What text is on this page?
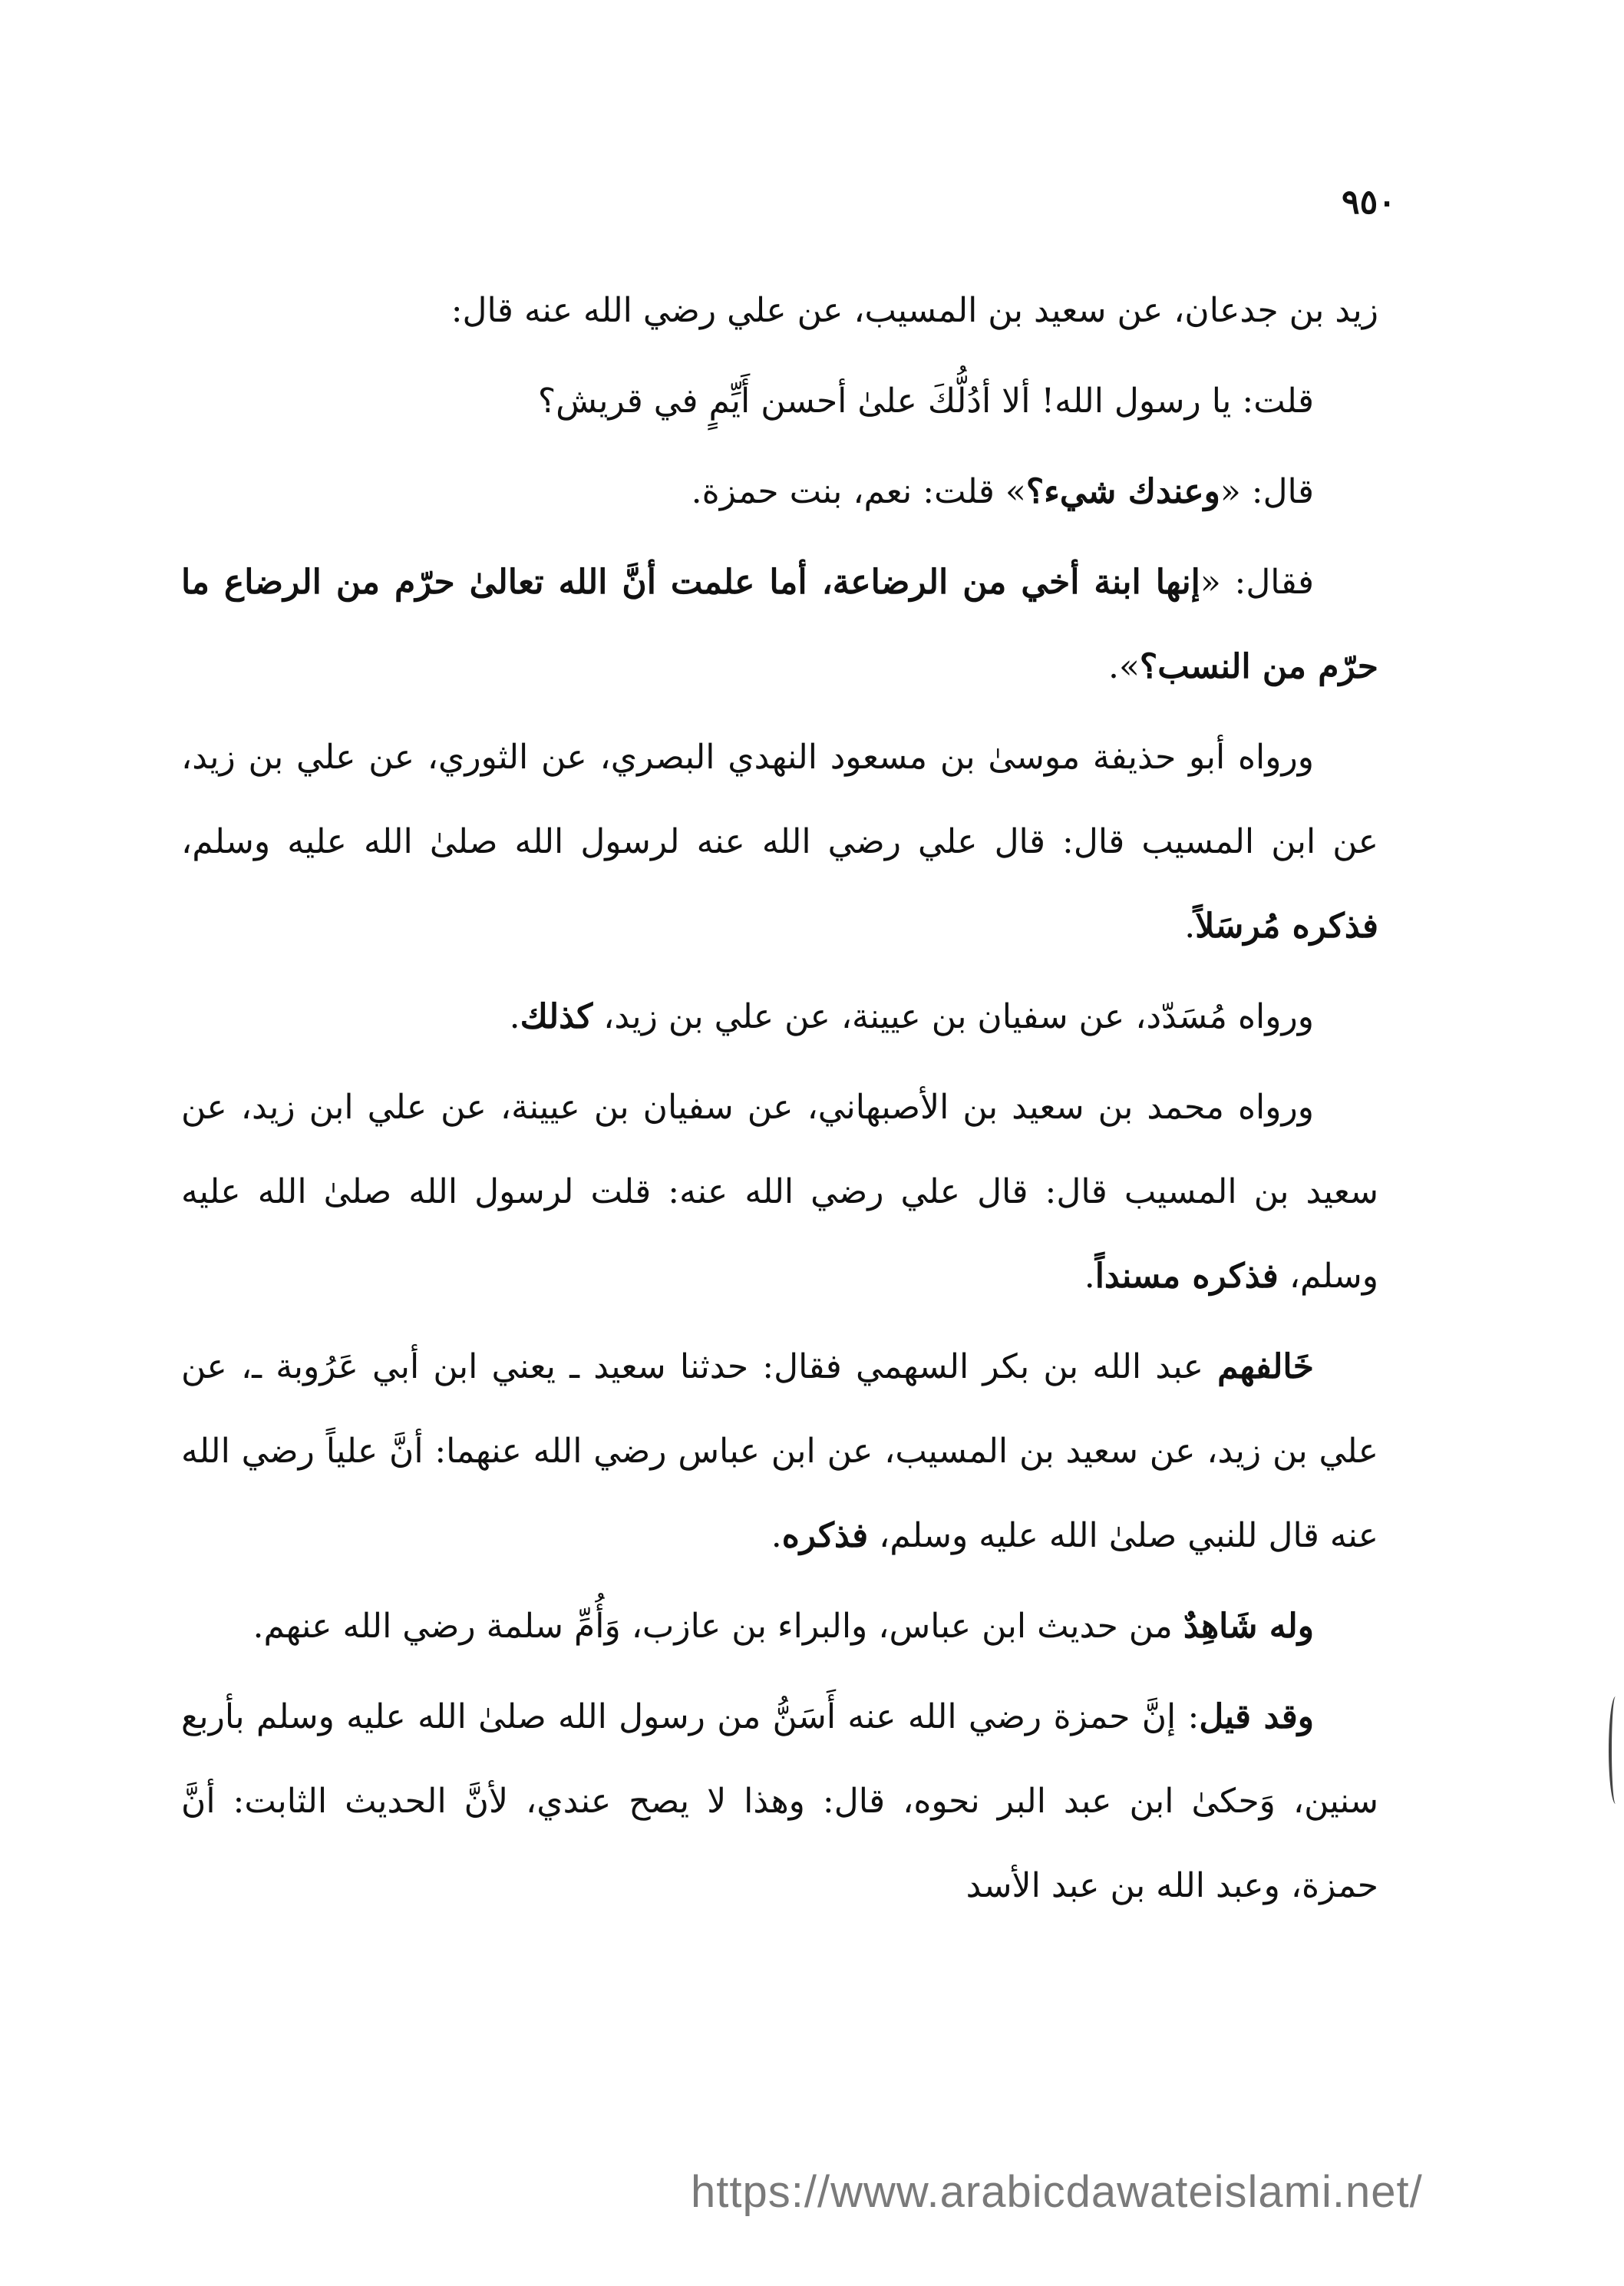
٩٥٠

زيد بن جدعان، عن سعيد بن المسيب، عن علي رضي الله عنه قال:

قلت: يا رسول الله! ألا أدُلُّكَ علىٰ أحسن أَيِّمٍ في قريش؟

قال: «وعندك شيء؟» قلت: نعم، بنت حمزة.

فقال: «إنها ابنة أخي من الرضاعة، أما علمت أنَّ الله تعالىٰ حرّم من الرضاع ما حرّم من النسب؟».

ورواه أبو حذيفة موسىٰ بن مسعود النهدي البصري، عن الثوري، عن علي بن زيد، عن ابن المسيب قال: قال علي رضي الله عنه لرسول الله صلىٰ الله عليه وسلم، فذكره مُرسَلاً.

ورواه مُسَدّد، عن سفيان بن عيينة، عن علي بن زيد، كذلك.

ورواه محمد بن سعيد بن الأصبهاني، عن سفيان بن عيينة، عن علي ابن زيد، عن سعيد بن المسيب قال: قال علي رضي الله عنه: قلت لرسول الله صلىٰ الله عليه وسلم، فذكره مسنداً.

خَالفهم عبد الله بن بكر السهمي فقال: حدثنا سعيد ـ يعني ابن أبي عَرُوبة ـ، عن علي بن زيد، عن سعيد بن المسيب، عن ابن عباس رضي الله عنهما: أنَّ علياً رضي الله عنه قال للنبي صلىٰ الله عليه وسلم، فذكره.

وله شَاهِدٌ من حديث ابن عباس، والبراء بن عازب، وَأُمِّ سلمة رضي الله عنهم.

وقد قيل: إنَّ حمزة رضي الله عنه أَسَنُّ من رسول الله صلىٰ الله عليه وسلم بأربع سنين، وَحكىٰ ابن عبد البر نحوه، قال: وهذا لا يصح عندي، لأنَّ الحديث الثابت: أنَّ حمزة، وعبد الله بن عبد الأسد

https://www.arabicdawateislami.net/
